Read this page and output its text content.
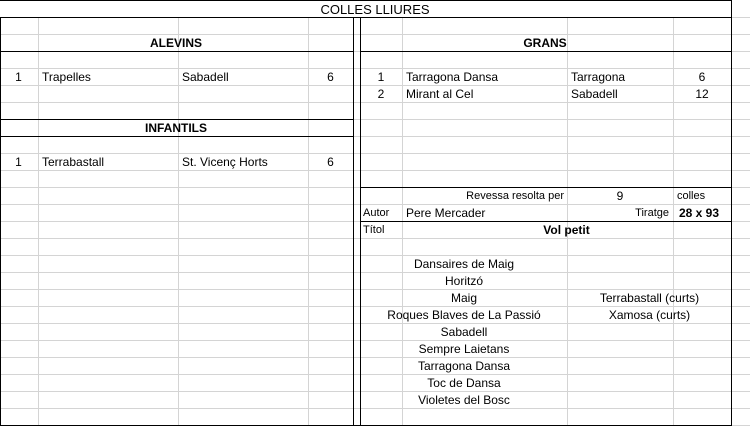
COLLES LLIURES
ALEVINS
1	Trapelles	Sabadell	6
INFANTILS
1	Terrabastall	St. Vicenç Horts	6
GRANS
1	Tarragona Dansa	Tarragona	6
2	Mirant al Cel	Sabadell	12
Revessa resolta per	9	colles
Autor	Pere Mercader	Tiratge 28 x 93
Títol	Vol petit
Dansaires de Maig
Horitzó
Maig	Terrabastall (curts)
Roques Blaves de La Passió	Xamosa (curts)
Sabadell
Sempre Laietans
Tarragona Dansa
Toc de Dansa
Violetes del Bosc
